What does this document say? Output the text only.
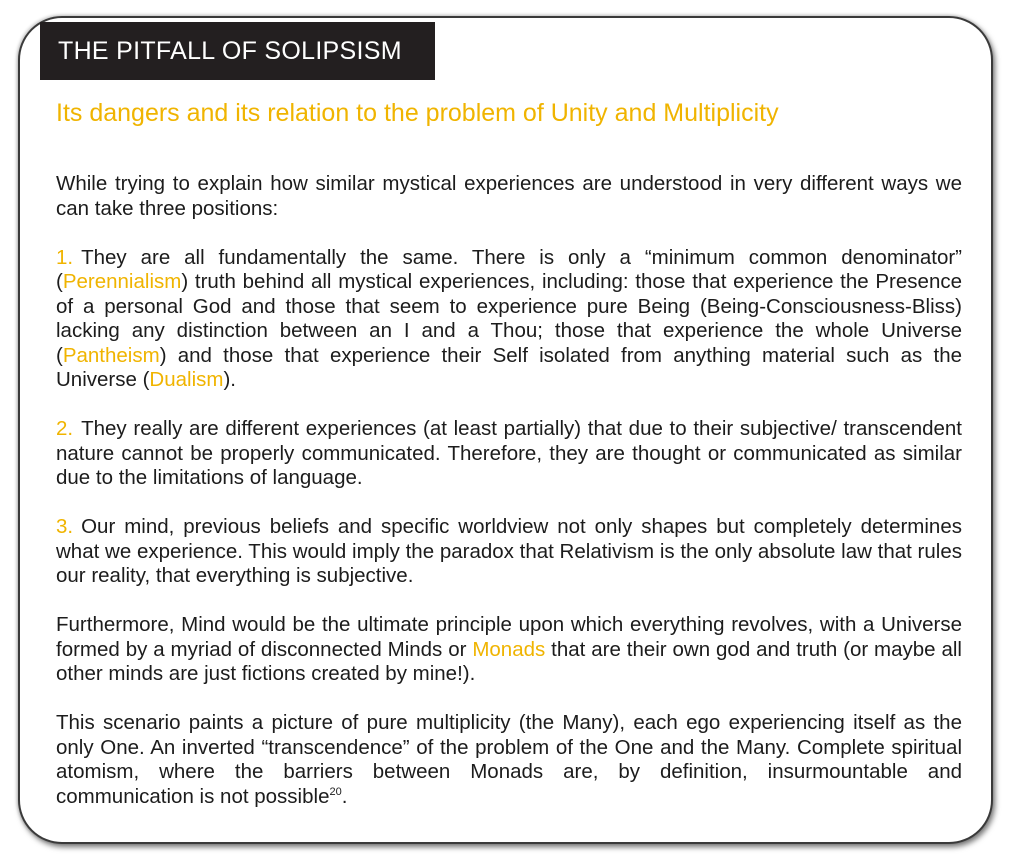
THE PITFALL OF SOLIPSISM
Its dangers and its relation to the problem of Unity and Multiplicity

While trying to explain how similar mystical experiences are understood in very different ways we can take three positions:

1. They are all fundamentally the same. There is only a “minimum common denominator” (Perennialism) truth behind all mystical experiences, including: those that experience the Presence of a personal God and those that seem to experience pure Being (Being-Consciousness-Bliss) lacking any distinction between an I and a Thou; those that experience the whole Universe (Pantheism) and those that experience their Self isolated from anything material such as the Universe (Dualism).

2. They really are different experiences (at least partially) that due to their subjective/ transcendent nature cannot be properly communicated. Therefore, they are thought or communicated as similar due to the limitations of language.

3. Our mind, previous beliefs and specific worldview not only shapes but completely determines what we experience. This would imply the paradox that Relativism is the only absolute law that rules our reality, that everything is subjective.

Furthermore, Mind would be the ultimate principle upon which everything revolves, with a Universe formed by a myriad of disconnected Minds or Monads that are their own god and truth (or maybe all other minds are just fictions created by mine!).

This scenario paints a picture of pure multiplicity (the Many), each ego experiencing itself as the only One. An inverted “transcendence” of the problem of the One and the Many. Complete spiritual atomism, where the barriers between Monads are, by definition, insurmountable and communication is not possible$^{20}$.
